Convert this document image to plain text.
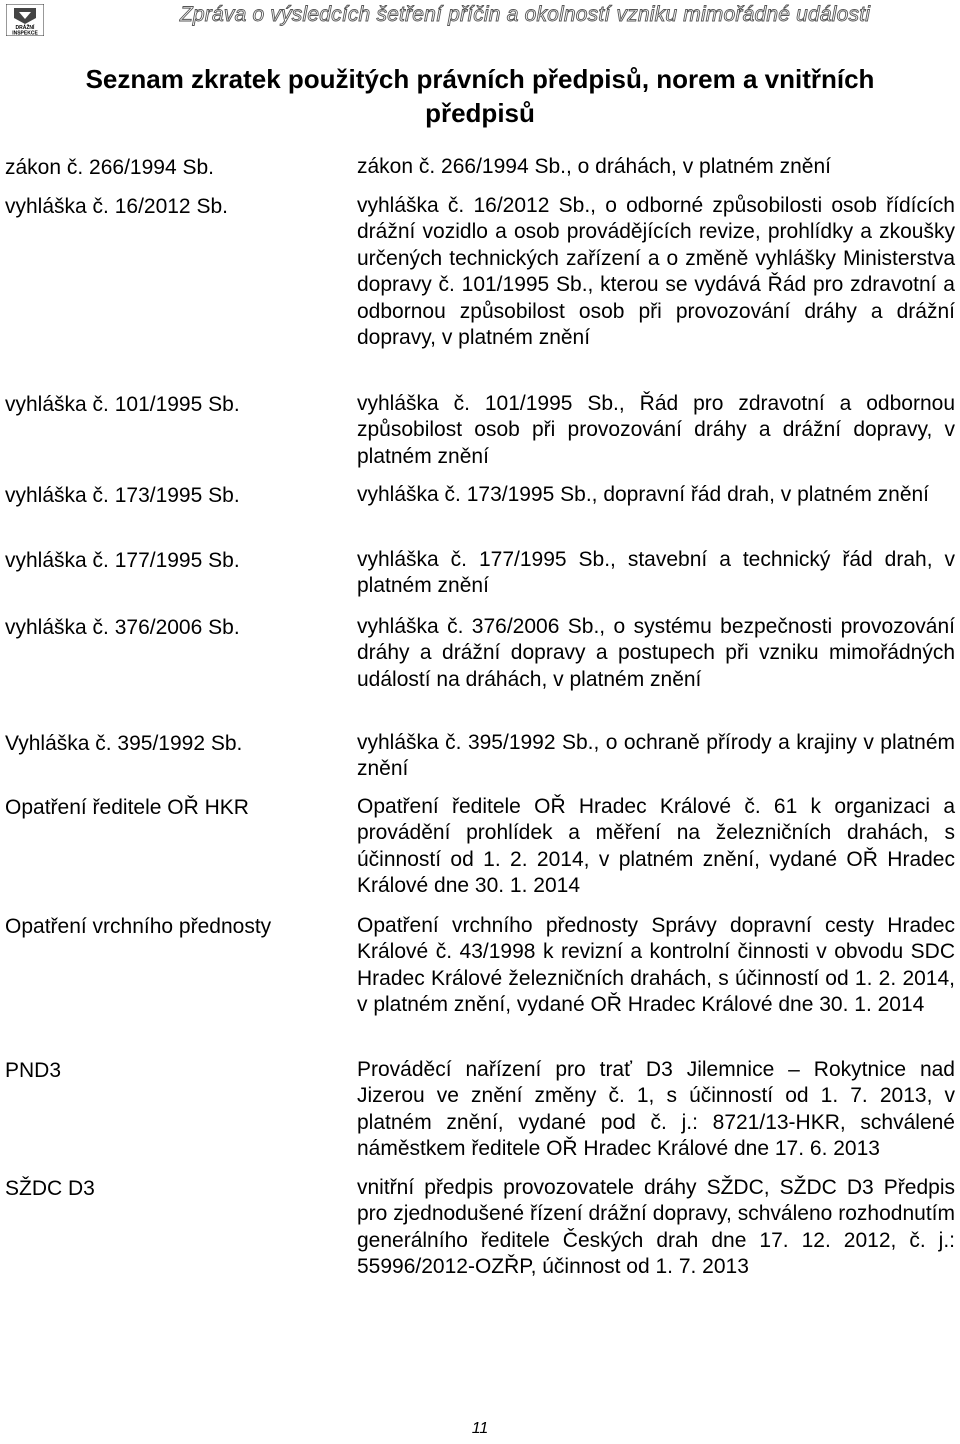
DRÁŽNÍ
INSPEKCE
Zpráva o výsledcích šetření příčin a okolností vzniku mimořádné události
Seznam zkratek použitých právních předpisů, norem a vnitřních předpisů
zákon č. 266/1994 Sb.	zákon č. 266/1994 Sb., o dráhách, v platném znění
vyhláška č. 16/2012 Sb.	vyhláška č. 16/2012 Sb., o odborné způsobilosti osob řídících drážní vozidlo a osob provádějících revize, prohlídky a zkoušky určených technických zařízení a o změně vyhlášky Ministerstva dopravy č. 101/1995 Sb., kterou se vydává Řád pro zdravotní a odbornou způsobilost osob při provozování dráhy a drážní dopravy, v platném znění
vyhláška č. 101/1995 Sb.	vyhláška č. 101/1995 Sb., Řád pro zdravotní a odbornou způsobilost osob při provozování dráhy a drážní dopravy, v platném znění
vyhláška č. 173/1995 Sb.	vyhláška č. 173/1995 Sb., dopravní řád drah, v platném znění
vyhláška č. 177/1995 Sb.	vyhláška č. 177/1995 Sb., stavební a technický řád drah, v platném znění
vyhláška č. 376/2006 Sb.	vyhláška č. 376/2006 Sb., o systému bezpečnosti provozování dráhy a drážní dopravy a postupech při vzniku mimořádných událostí na dráhách, v platném znění
Vyhláška č. 395/1992 Sb.	vyhláška č. 395/1992 Sb., o ochraně přírody a krajiny v platném znění
Opatření ředitele OŘ HKR	Opatření ředitele OŘ Hradec Králové č. 61 k organizaci a provádění prohlídek a měření na železničních drahách, s účinností od 1. 2. 2014, v platném znění, vydané OŘ Hradec Králové dne 30. 1. 2014
Opatření vrchního přednosty	Opatření vrchního přednosty Správy dopravní cesty Hradec Králové č. 43/1998 k revizní a kontrolní činnosti v obvodu SDC Hradec Králové železničních drahách, s účinností od 1. 2. 2014, v platném znění, vydané OŘ Hradec Králové dne 30. 1. 2014
PND3	Prováděcí nařízení pro trať D3 Jilemnice – Rokytnice nad Jizerou ve znění změny č. 1, s účinností od 1. 7. 2013, v platném znění, vydané pod č. j.: 8721/13-HKR, schválené náměstkem ředitele OŘ Hradec Králové dne 17. 6. 2013
SŽDC D3	vnitřní předpis provozovatele dráhy SŽDC, SŽDC D3 Předpis pro zjednodušené řízení drážní dopravy, schváleno rozhodnutím generálního ředitele Českých drah dne 17. 12. 2012, č. j.: 55996/2012-OZŘP, účinnost od 1. 7. 2013
11
